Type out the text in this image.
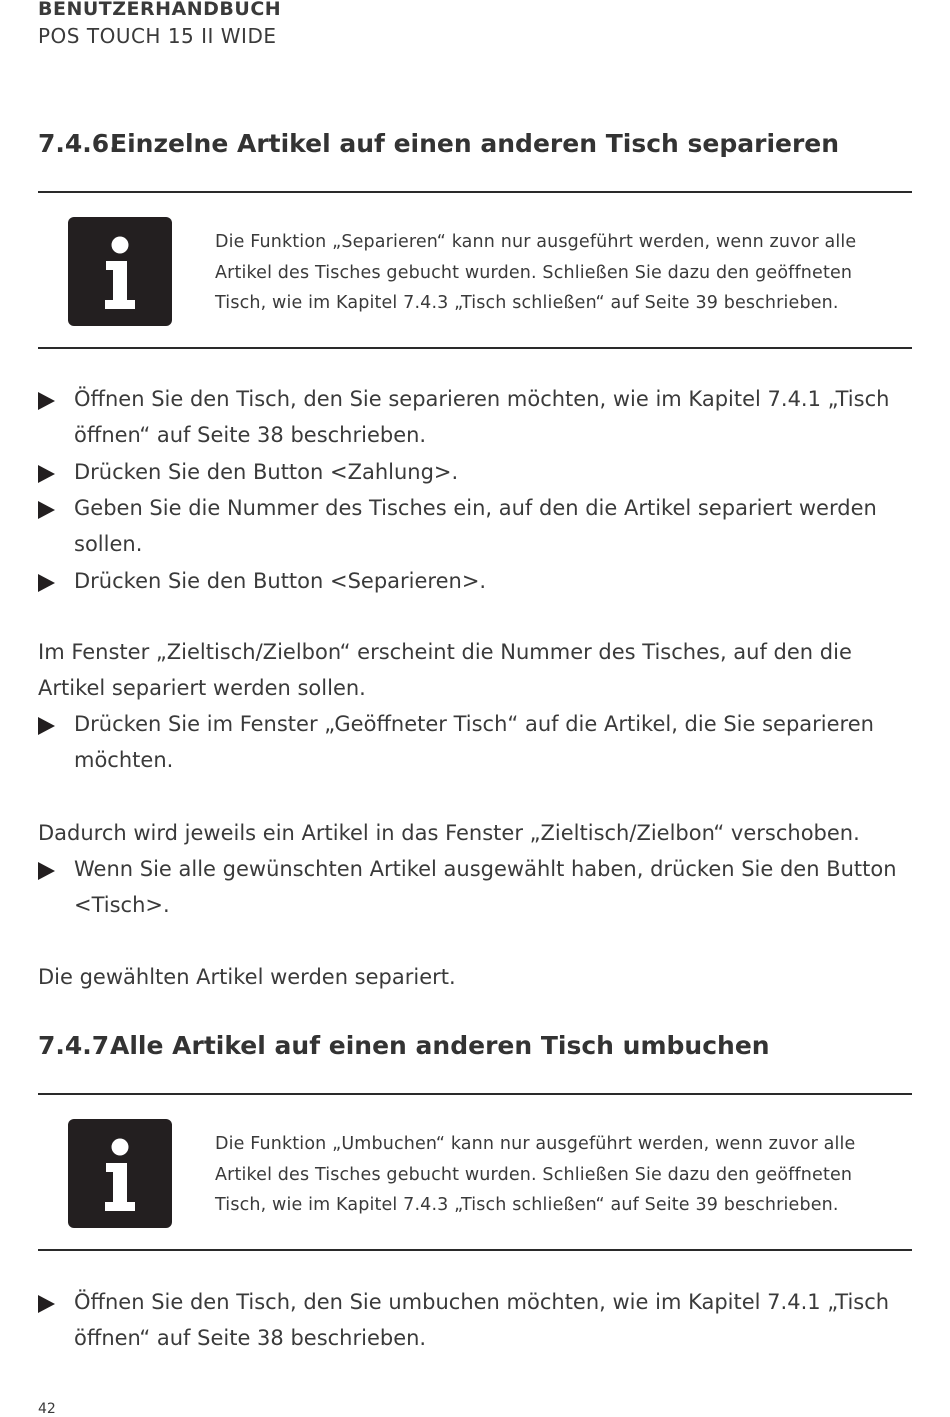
BENUTZERHANDBUCH
POS TOUCH 15 II WIDE
7.4.6.Einzelne Artikel auf einen anderen Tisch separieren
Die Funktion „Separieren“ kann nur ausgeführt werden, wenn zuvor alle Artikel des Tisches gebucht wurden. Schließen Sie dazu den geöffneten Tisch, wie im Kapitel 7.4.3 „Tisch schließen“ auf Seite 39 beschrieben.
Öffnen Sie den Tisch, den Sie separieren möchten, wie im Kapitel 7.4.1 „Tisch öffnen“ auf Seite 38 beschrieben.
Drücken Sie den Button <Zahlung>.
Geben Sie die Nummer des Tisches ein, auf den die Artikel separiert werden sollen.
Drücken Sie den Button <Separieren>.
Im Fenster „Zieltisch/Zielbon“ erscheint die Nummer des Tisches, auf den die Artikel separiert werden sollen.
Drücken Sie im Fenster „Geöffneter Tisch“ auf die Artikel, die Sie separieren möchten.
Dadurch wird jeweils ein Artikel in das Fenster „Zieltisch/Zielbon“ verschoben.
Wenn Sie alle gewünschten Artikel ausgewählt haben, drücken Sie den Button <Tisch>.
Die gewählten Artikel werden separiert.
7.4.7.Alle Artikel auf einen anderen Tisch umbuchen
Die Funktion „Umbuchen“ kann nur ausgeführt werden, wenn zuvor alle Artikel des Tisches gebucht wurden. Schließen Sie dazu den geöffneten Tisch, wie im Kapitel 7.4.3 „Tisch schließen“ auf Seite 39 beschrieben.
Öffnen Sie den Tisch, den Sie umbuchen möchten, wie im Kapitel 7.4.1 „Tisch öffnen“ auf Seite 38 beschrieben.
42
